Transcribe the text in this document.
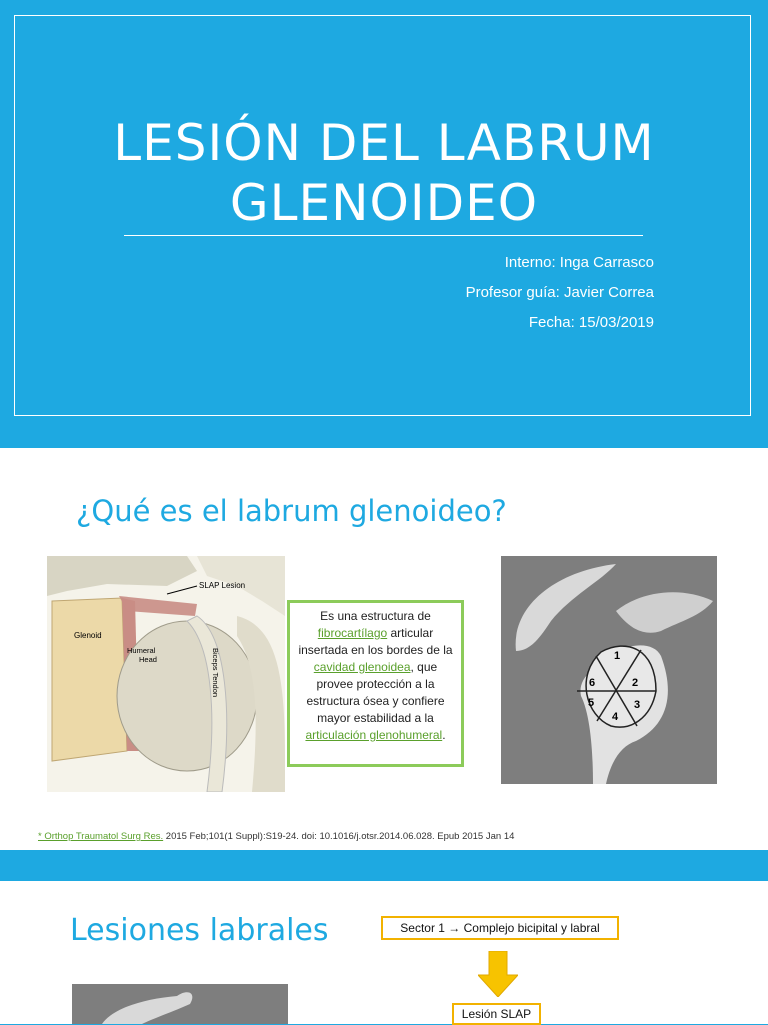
LESIÓN DEL LABRUM
GLENOIDEO
Interno: Inga Carrasco
Profesor guía: Javier Correa
Fecha: 15/03/2019
¿Qué es el labrum glenoideo?
SLAP Lesion
Glenoid
Humeral
Head	Biceps Tendon
Es una estructura de fibrocartílago articular insertada en los bordes de la cavidad glenoidea, que provee protección a la estructura ósea y confiere mayor estabilidad a la articulación glenohumeral.
1
2
3
4
5
6
* Orthop Traumatol Surg Res. 2015 Feb;101(1 Suppl):S19-24. doi: 10.1016/j.otsr.2014.06.028. Epub 2015 Jan 14
Lesiones labrales	Sector 1 → Complejo bicipital y labral
Lesión SLAP
